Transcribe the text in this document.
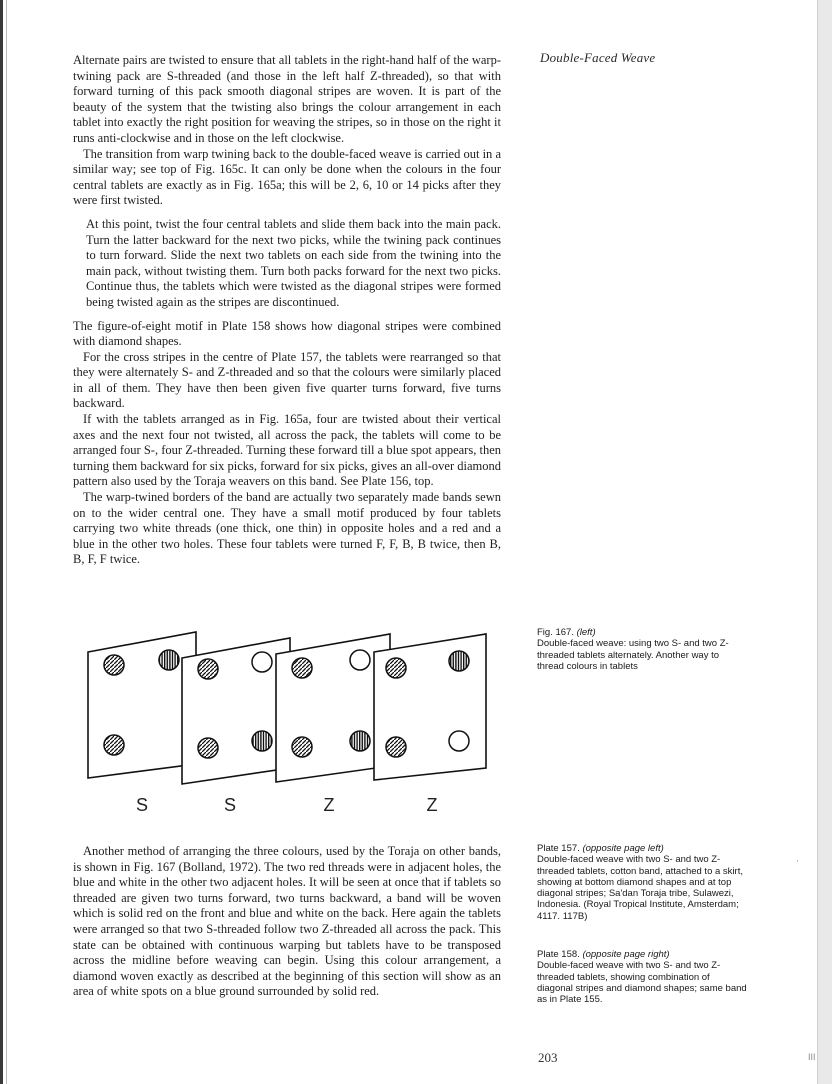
Double-Faced Weave

Alternate pairs are twisted to ensure that all tablets in the right-hand half of the warp-twining pack are S-threaded (and those in the left half Z-threaded), so that with forward turning of this pack smooth diagonal stripes are woven. It is part of the beauty of the system that the twisting also brings the colour arrangement in each tablet into exactly the right position for weaving the stripes, so in those on the right it runs anti-clockwise and in those on the left clockwise.

The transition from warp twining back to the double-faced weave is carried out in a similar way; see top of Fig. 165c. It can only be done when the colours in the four central tablets are exactly as in Fig. 165a; this will be 2, 6, 10 or 14 picks after they were first twisted.

At this point, twist the four central tablets and slide them back into the main pack. Turn the latter backward for the next two picks, while the twining pack continues to turn forward. Slide the next two tablets on each side from the twining into the main pack, without twisting them. Turn both packs forward for the next two picks. Continue thus, the tablets which were twisted as the diagonal stripes were formed being twisted again as the stripes are discontinued.

The figure-of-eight motif in Plate 158 shows how diagonal stripes were combined with diamond shapes.

For the cross stripes in the centre of Plate 157, the tablets were rearranged so that they were alternately S- and Z-threaded and so that the colours were similarly placed in all of them. They have then been given five quarter turns forward, five turns backward.

If with the tablets arranged as in Fig. 165a, four are twisted about their vertical axes and the next four not twisted, all across the pack, the tablets will come to be arranged four S-, four Z-threaded. Turning these forward till a blue spot appears, then turning them backward for six picks, forward for six picks, gives an all-over diamond pattern also used by the Toraja weavers on this band. See Plate 156, top.

The warp-twined borders of the band are actually two separately made bands sewn on to the wider central one. They have a small motif produced by four tablets carrying two white threads (one thick, one thin) in opposite holes and a red and a blue in the other two holes. These four tablets were turned F, F, B, B twice, then B, B, F, F twice.

S	S	Z	Z
Fig. 167. (left)
Double-faced weave: using two S- and two Z-threaded tablets alternately. Another way to thread colours in tablets
Plate 157. (opposite page left)
Double-faced weave with two S- and two Z-threaded tablets, cotton band, attached to a skirt, showing at bottom diamond shapes and at top diagonal stripes; Sa'dan Toraja tribe, Sulawezi, Indonesia. (Royal Tropical Institute, Amsterdam; 4117. 117B)
Plate 158. (opposite page right)
Double-faced weave with two S- and two Z-threaded tablets, showing combination of diagonal stripes and diamond shapes; same band as in Plate 155.

Another method of arranging the three colours, used by the Toraja on other bands, is shown in Fig. 167 (Bolland, 1972). The two red threads were in adjacent holes, the blue and white in the other two adjacent holes. It will be seen at once that if tablets so threaded are given two turns forward, two turns backward, a band will be woven which is solid red on the front and blue and white on the back. Here again the tablets were arranged so that two S-threaded follow two Z-threaded all across the pack. This state can be obtained with continuous warping but tablets have to be transposed across the midline before weaving can begin. Using this colour arrangement, a diamond woven exactly as described at the beginning of this section will show as an area of white spots on a blue ground surrounded by solid red.

203
·
III
